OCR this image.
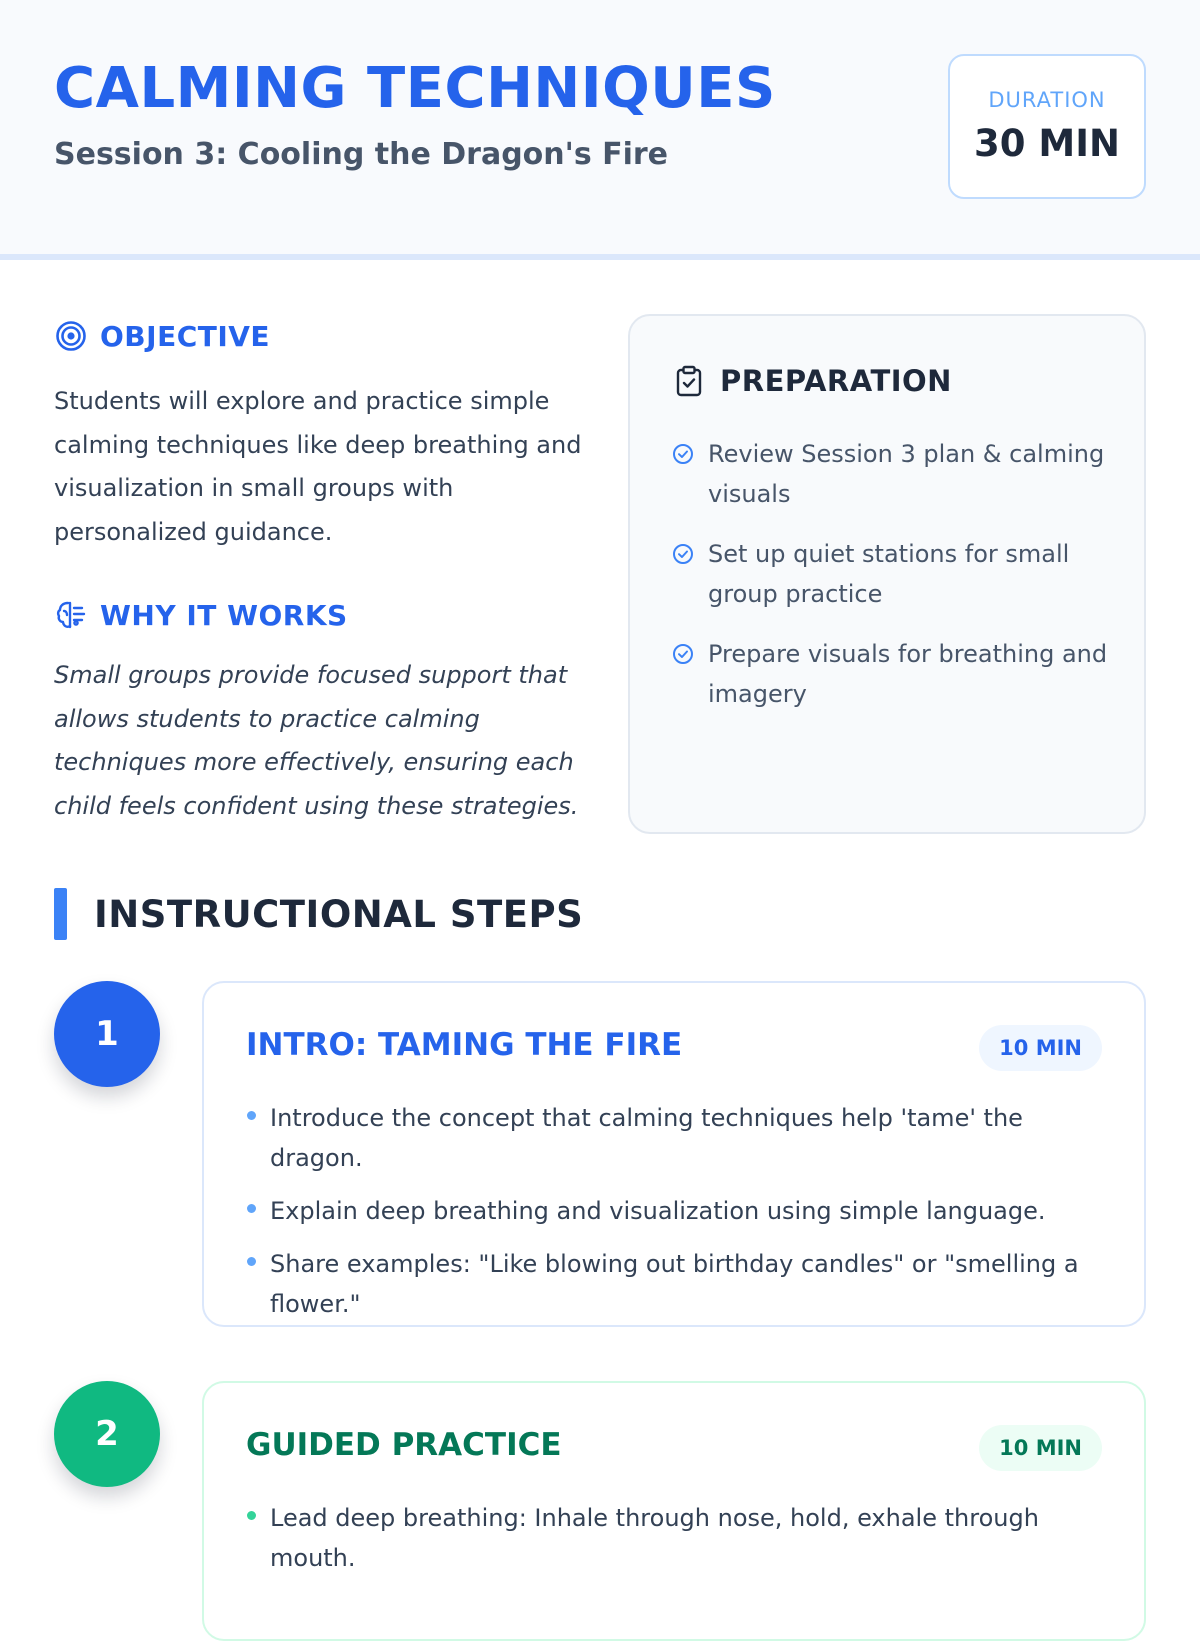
CALMING TECHNIQUES
Session 3: Cooling the Dragon's Fire
DURATION
30 MIN
OBJECTIVE

Students will explore and practice simple calming techniques like deep breathing and visualization in small groups with personalized guidance.

WHY IT WORKS

Small groups provide focused support that allows students to practice calming techniques more effectively, ensuring each child feels confident using these strategies.

PREPARATION
Review Session 3 plan & calming visuals
Set up quiet stations for small group practice
Prepare visuals for breathing and imagery
INSTRUCTIONAL STEPS
1	INTRO: TAMING THE FIRE	10 MIN
Introduce the concept that calming techniques help 'tame' the dragon.
Explain deep breathing and visualization using simple language.
Share examples: "Like blowing out birthday candles" or "smelling a flower."
2	GUIDED PRACTICE	10 MIN
Lead deep breathing: Inhale through nose, hold, exhale through mouth.
